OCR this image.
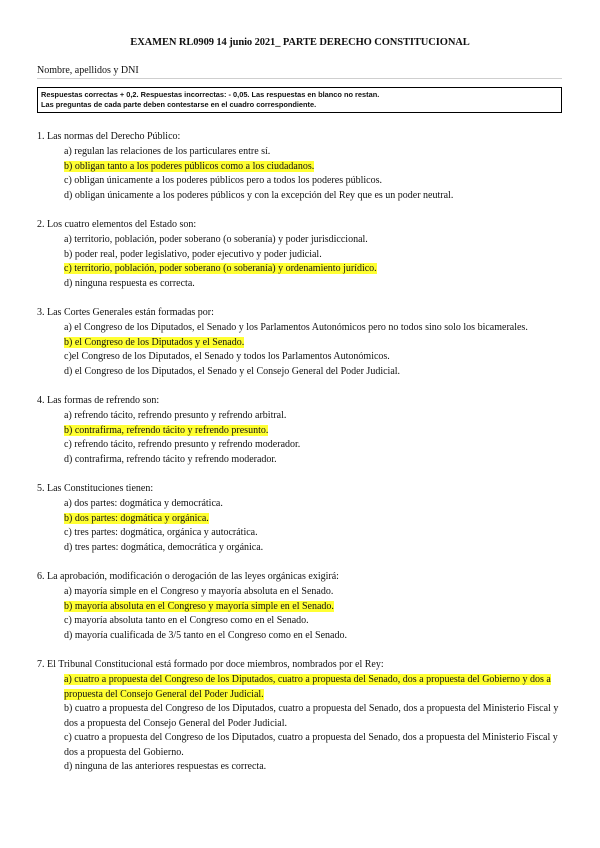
EXAMEN RL0909 14 junio 2021_ PARTE DERECHO CONSTITUCIONAL
Nombre, apellidos y DNI
Respuestas correctas + 0,2. Respuestas incorrectas: - 0,05. Las respuestas en blanco no restan.
Las preguntas de cada parte deben contestarse en el cuadro correspondiente.
1. Las normas del Derecho Público:
a) regulan las relaciones de los particulares entre sí.
b) obligan tanto a los poderes públicos como a los ciudadanos.
c) obligan únicamente a los poderes públicos pero a todos los poderes públicos.
d) obligan únicamente a los poderes públicos y con la excepción del Rey que es un poder neutral.
2. Los cuatro elementos del Estado son:
a) territorio, población, poder soberano (o soberanía) y poder jurisdiccional.
b) poder real, poder legislativo, poder ejecutivo y poder judicial.
c) territorio, población, poder soberano (o soberanía) y ordenamiento jurídico.
d) ninguna respuesta es correcta.
3. Las Cortes Generales están formadas por:
a) el Congreso de los Diputados, el Senado y los Parlamentos Autonómicos pero no todos sino solo los bicamerales.
b) el Congreso de los Diputados y el Senado.
c)el Congreso de los Diputados, el Senado y todos los Parlamentos Autonómicos.
d) el Congreso de los Diputados, el Senado y el Consejo General del Poder Judicial.
4. Las formas de refrendo son:
a) refrendo tácito, refrendo presunto y refrendo arbitral.
b) contrafirma, refrendo tácito y refrendo presunto.
c) refrendo tácito, refrendo presunto y refrendo moderador.
d) contrafirma, refrendo tácito y refrendo moderador.
5. Las Constituciones tienen:
a) dos partes: dogmática y democrática.
b) dos partes: dogmática y orgánica.
c) tres partes: dogmática, orgánica y autocrática.
d) tres partes: dogmática, democrática y orgánica.
6. La aprobación, modificación o derogación de las leyes orgánicas exigirá:
a) mayoría simple en el Congreso y mayoría absoluta en el Senado.
b) mayoría absoluta en el Congreso y mayoría simple en el Senado.
c) mayoría absoluta tanto en el Congreso como en el Senado.
d) mayoría cualificada de 3/5 tanto en el Congreso como en el Senado.
7. El Tribunal Constitucional está formado por doce miembros, nombrados por el Rey:
a) cuatro a propuesta del Congreso de los Diputados, cuatro a propuesta del Senado, dos a propuesta del Gobierno y dos a propuesta del Consejo General del Poder Judicial.
b) cuatro a propuesta del Congreso de los Diputados, cuatro a propuesta del Senado, dos a propuesta del Ministerio Fiscal y dos a propuesta del Consejo General del Poder Judicial.
c) cuatro a propuesta del Congreso de los Diputados, cuatro a propuesta del Senado, dos a propuesta del Ministerio Fiscal y dos a propuesta del Gobierno.
d) ninguna de las anteriores respuestas es correcta.
